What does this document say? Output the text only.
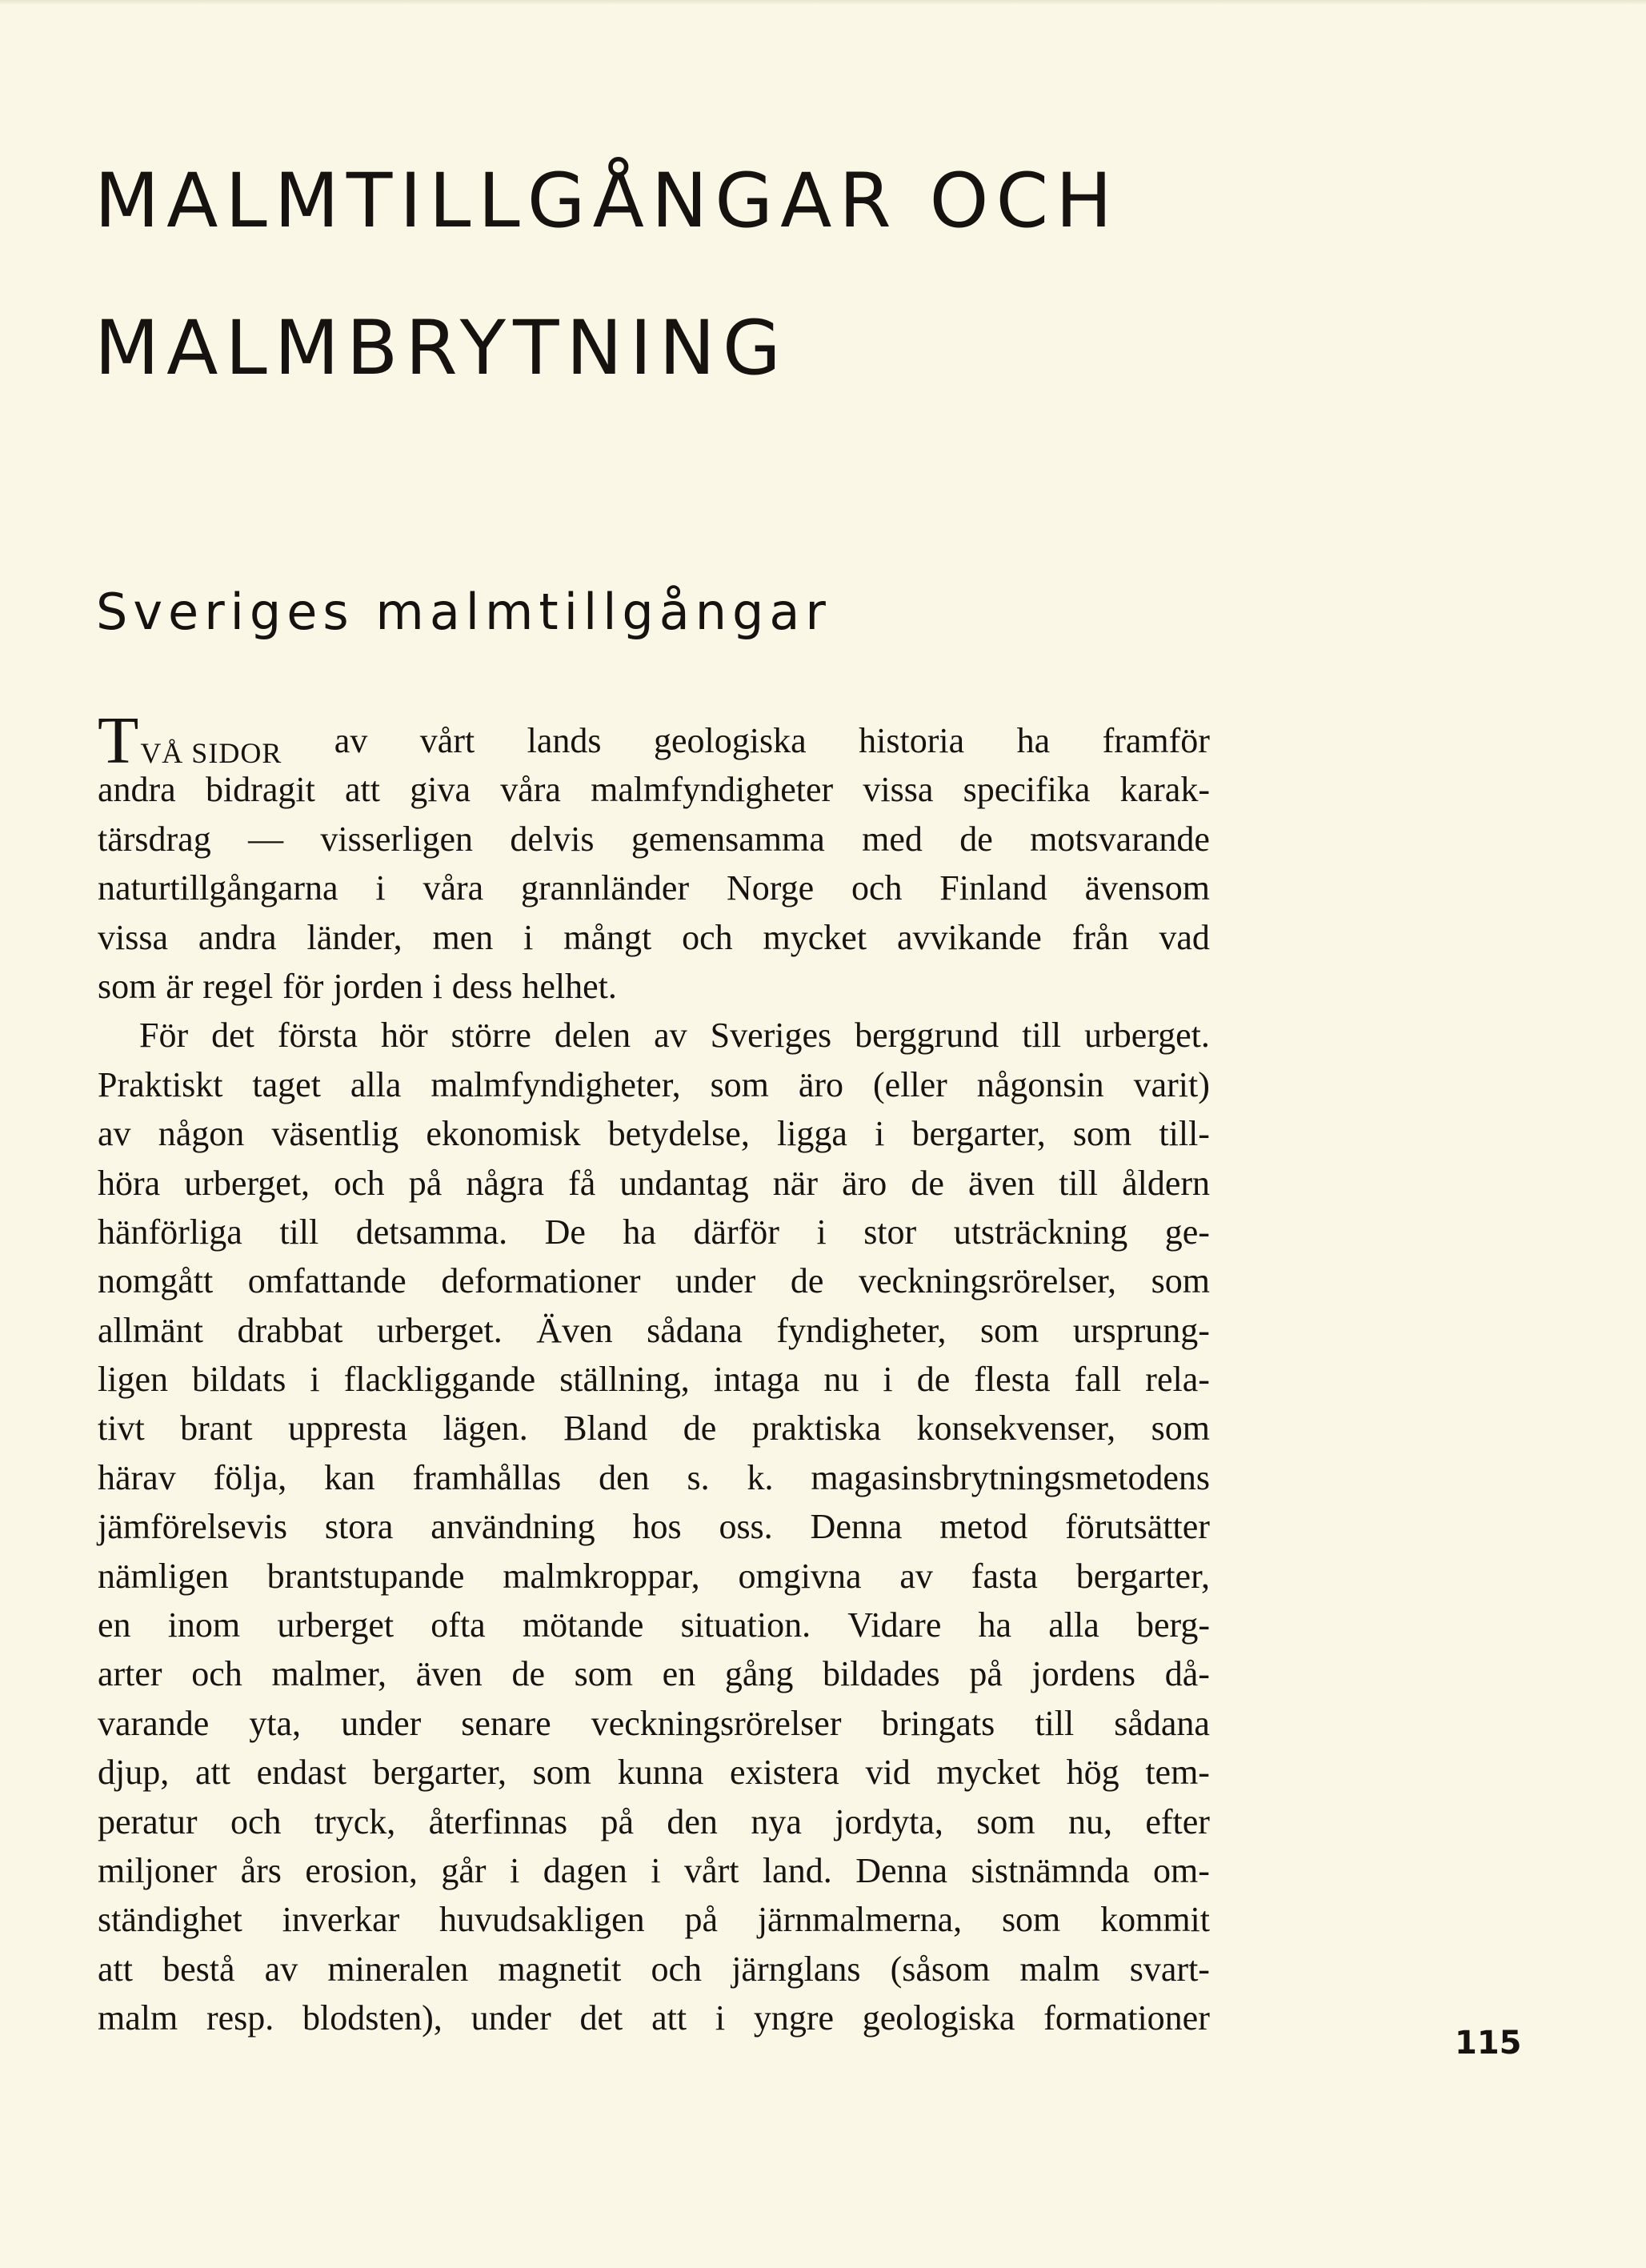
MALMTILLGÅNGAR OCH
MALMBRYTNING
Sveriges malmtillgångar
TVÅ SIDOR av vårt lands geologiska historia ha framför
andra bidragit att giva våra malmfyndigheter vissa specifika karak-
tärsdrag — visserligen delvis gemensamma med de motsvarande
naturtillgångarna i våra grannländer Norge och Finland ävensom
vissa andra länder, men i mångt och mycket avvikande från vad
som är regel för jorden i dess helhet.
För det första hör större delen av Sveriges berggrund till urberget.
Praktiskt taget alla malmfyndigheter, som äro (eller någonsin varit)
av någon väsentlig ekonomisk betydelse, ligga i bergarter, som till-
höra urberget, och på några få undantag när äro de även till åldern
hänförliga till detsamma. De ha därför i stor utsträckning ge-
nomgått omfattande deformationer under de veckningsrörelser, som
allmänt drabbat urberget. Även sådana fyndigheter, som ursprung-
ligen bildats i flackliggande ställning, intaga nu i de flesta fall rela-
tivt brant uppresta lägen. Bland de praktiska konsekvenser, som
härav följa, kan framhållas den s. k. magasinsbrytningsmetodens
jämförelsevis stora användning hos oss. Denna metod förutsätter
nämligen brantstupande malmkroppar, omgivna av fasta bergarter,
en inom urberget ofta mötande situation. Vidare ha alla berg-
arter och malmer, även de som en gång bildades på jordens då-
varande yta, under senare veckningsrörelser bringats till sådana
djup, att endast bergarter, som kunna existera vid mycket hög tem-
peratur och tryck, återfinnas på den nya jordyta, som nu, efter
miljoner års erosion, går i dagen i vårt land. Denna sistnämnda om-
ständighet inverkar huvudsakligen på järnmalmerna, som kommit
att bestå av mineralen magnetit och järnglans (såsom malm svart-
malm resp. blodsten), under det att i yngre geologiska formationer
115
